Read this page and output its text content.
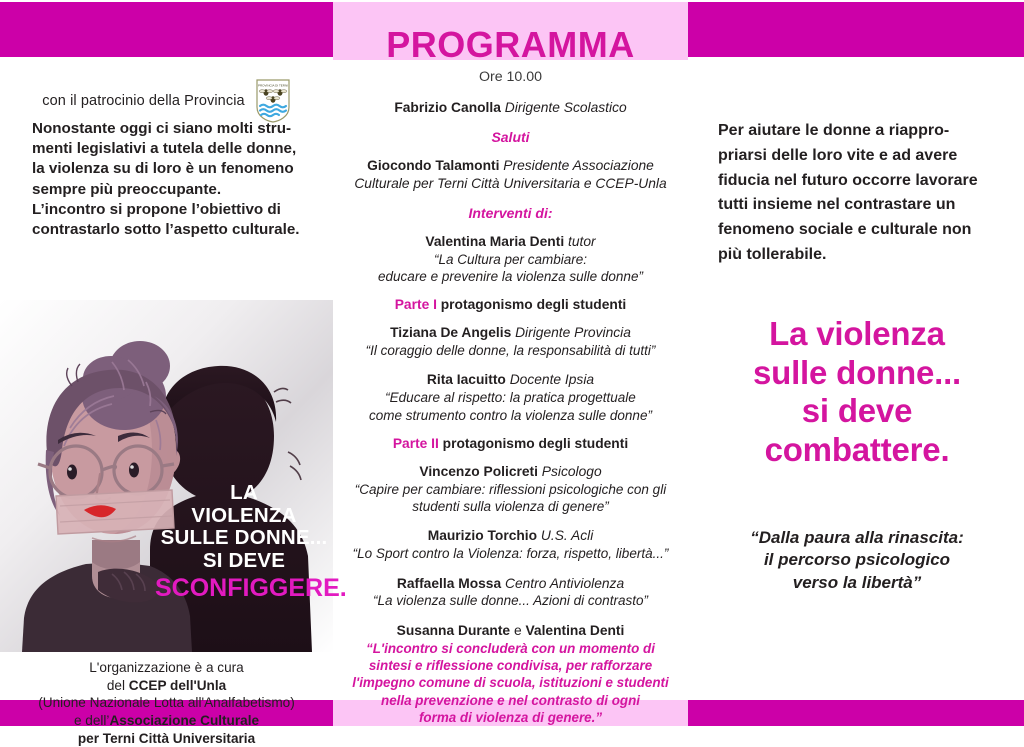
con il patrocinio della Provincia
PROVINCIA DI TERNI

Nonostante oggi ci siano molti stru-

menti legislativi a tutela delle donne,

la violenza su di loro è un fenomeno

sempre più preoccupante.

L’incontro si propone l’obiettivo di

contrastarlo sotto l’aspetto culturale.

LA
VIOLENZA
SULLE DONNE...
SI DEVE
SCONFIGGERE.
L'organizzazione è a cura
del CCEP dell'Unla
(Unione Nazionale Lotta all'Analfabetismo)
e dell’Associazione Culturale
per Terni Città Universitaria
PROGRAMMA
Ore 10.00
Fabrizio Canolla Dirigente Scolastico
Saluti
Giocondo Talamonti Presidente Associazione
Culturale per Terni Città Universitaria e CCEP-Unla
Interventi di:
Valentina Maria Denti tutor
“La Cultura per cambiare:
educare e prevenire la violenza sulle donne”
Parte I protagonismo degli studenti
Tiziana De Angelis Dirigente Provincia
“Il coraggio delle donne, la responsabilità di tutti”
Rita Iacuitto Docente Ipsia
“Educare al rispetto: la pratica progettuale
come strumento contro la violenza sulle donne”
Parte II protagonismo degli studenti
Vincenzo Policreti Psicologo
“Capire per cambiare: riflessioni psicologiche con gli
studenti sulla violenza di genere”
Maurizio Torchio U.S. Acli
“Lo Sport contro la Violenza: forza, rispetto, libertà...”
Raffaella Mossa Centro Antiviolenza
“La violenza sulle donne... Azioni di contrasto”
Susanna Durante e Valentina Denti
“L'incontro si concluderà con un momento di
sintesi e riflessione condivisa, per rafforzare
l'impegno comune di scuola, istituzioni e studenti
nella prevenzione e nel contrasto di ogni
forma di violenza di genere.”

Per aiutare le donne a riappro-

priarsi delle loro vite e ad avere

fiducia nel futuro occorre lavorare

tutti insieme nel contrastare un

fenomeno sociale e culturale non

più tollerabile.

La violenza
sulle donne...
si deve
combattere.
“Dalla paura alla rinascita:
il percorso psicologico
verso la libertà”
